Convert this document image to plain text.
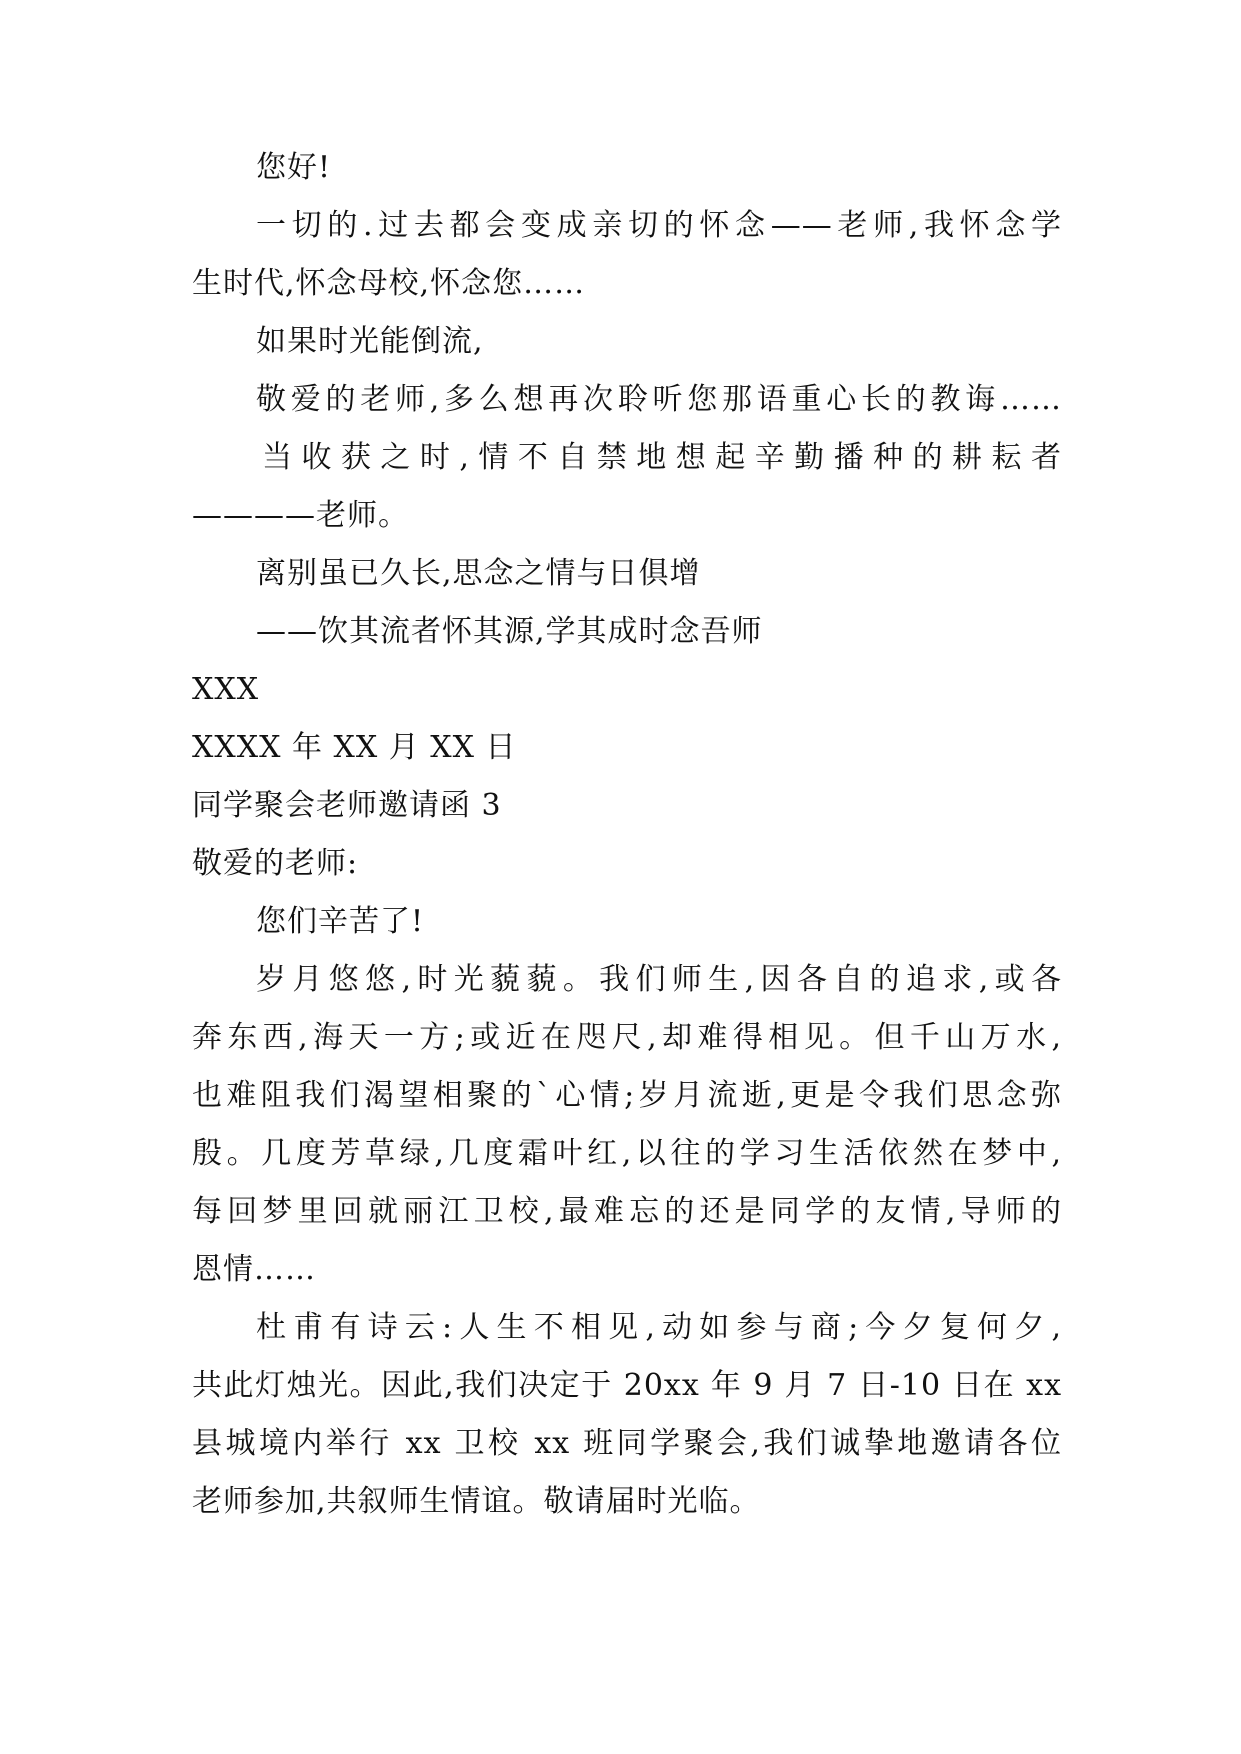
您好!
一切的.过去都会变成亲切的怀念——老师,我怀念学
生时代,怀念母校,怀念您……
如果时光能倒流,
敬爱的老师,多么想再次聆听您那语重心长的教诲……
当收获之时,情不自禁地想起辛勤播种的耕耘者
————老师。
离别虽已久长,思念之情与日俱增
——饮其流者怀其源,学其成时念吾师
XXX
XXXX 年 XX 月 XX 日
同学聚会老师邀请函 3
敬爱的老师:
您们辛苦了!
岁月悠悠,时光藐藐。我们师生,因各自的追求,或各
奔东西,海天一方;或近在咫尺,却难得相见。但千山万水,
也难阻我们渴望相聚的`心情;岁月流逝,更是令我们思念弥
殷。几度芳草绿,几度霜叶红,以往的学习生活依然在梦中,
每回梦里回就丽江卫校,最难忘的还是同学的友情,导师的
恩情……
杜甫有诗云:人生不相见,动如参与商;今夕复何夕,
共此灯烛光。因此,我们决定于 20xx 年 9 月 7 日-10 日在 xx
县城境内举行 xx 卫校 xx 班同学聚会,我们诚挚地邀请各位
老师参加,共叙师生情谊。敬请届时光临。
